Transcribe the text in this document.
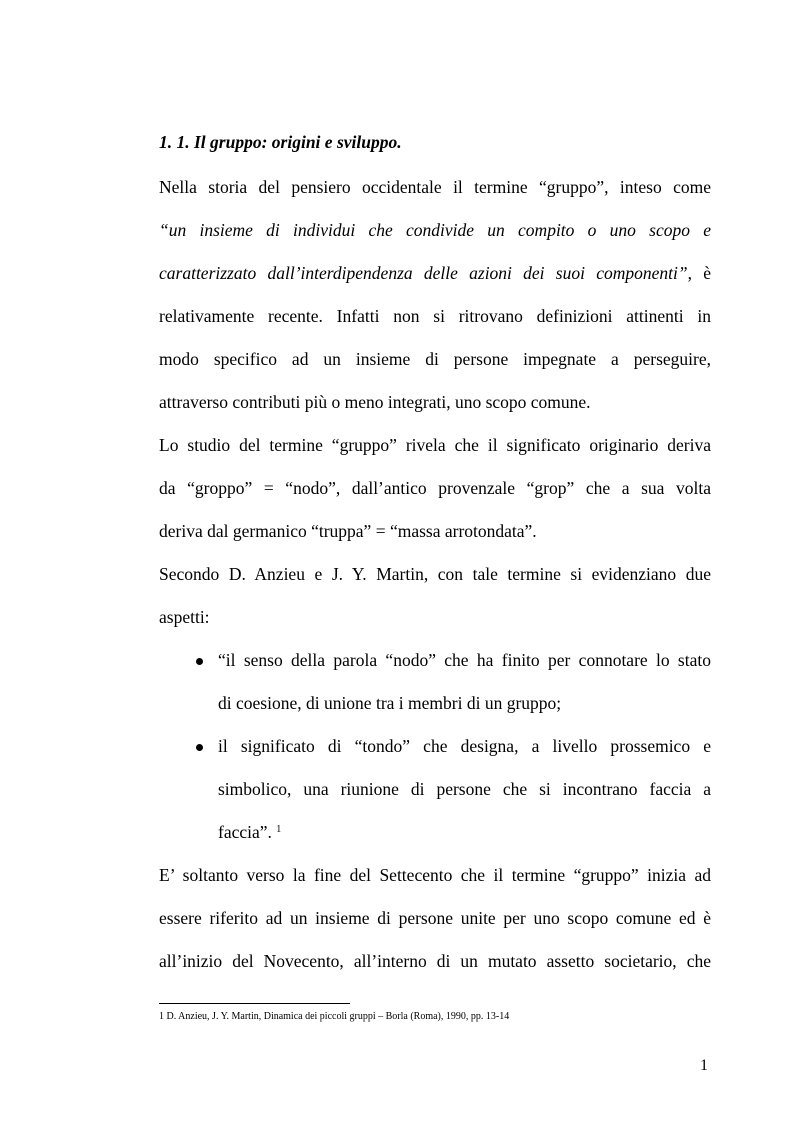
1. 1. Il gruppo: origini e sviluppo.
Nella storia del pensiero occidentale il termine “gruppo”, inteso come
“un insieme di individui che condivide un compito o uno scopo e
caratterizzato dall’interdipendenza delle azioni dei suoi componenti”, è
relativamente recente. Infatti non si ritrovano definizioni attinenti in
modo specifico ad un insieme di persone impegnate a perseguire,
attraverso contributi più o meno integrati, uno scopo comune.
Lo studio del termine “gruppo” rivela che il significato originario deriva
da “groppo” = “nodo”, dall’antico provenzale “grop” che a sua volta
deriva dal germanico “truppa” = “massa arrotondata”.
Secondo D. Anzieu e J. Y. Martin, con tale termine si evidenziano due
aspetti:
“il senso della parola “nodo” che ha finito per connotare lo stato
di coesione, di unione tra i membri di un gruppo;
il significato di “tondo” che designa, a livello prossemico e
simbolico, una riunione di persone che si incontrano faccia a
faccia”. $^1$
E’ soltanto verso la fine del Settecento che il termine “gruppo” inizia ad
essere riferito ad un insieme di persone unite per uno scopo comune ed è
all’inizio del Novecento, all’interno di un mutato assetto societario, che
1 D. Anzieu, J. Y. Martin, Dinamica dei piccoli gruppi – Borla (Roma), 1990, pp. 13-14
1
